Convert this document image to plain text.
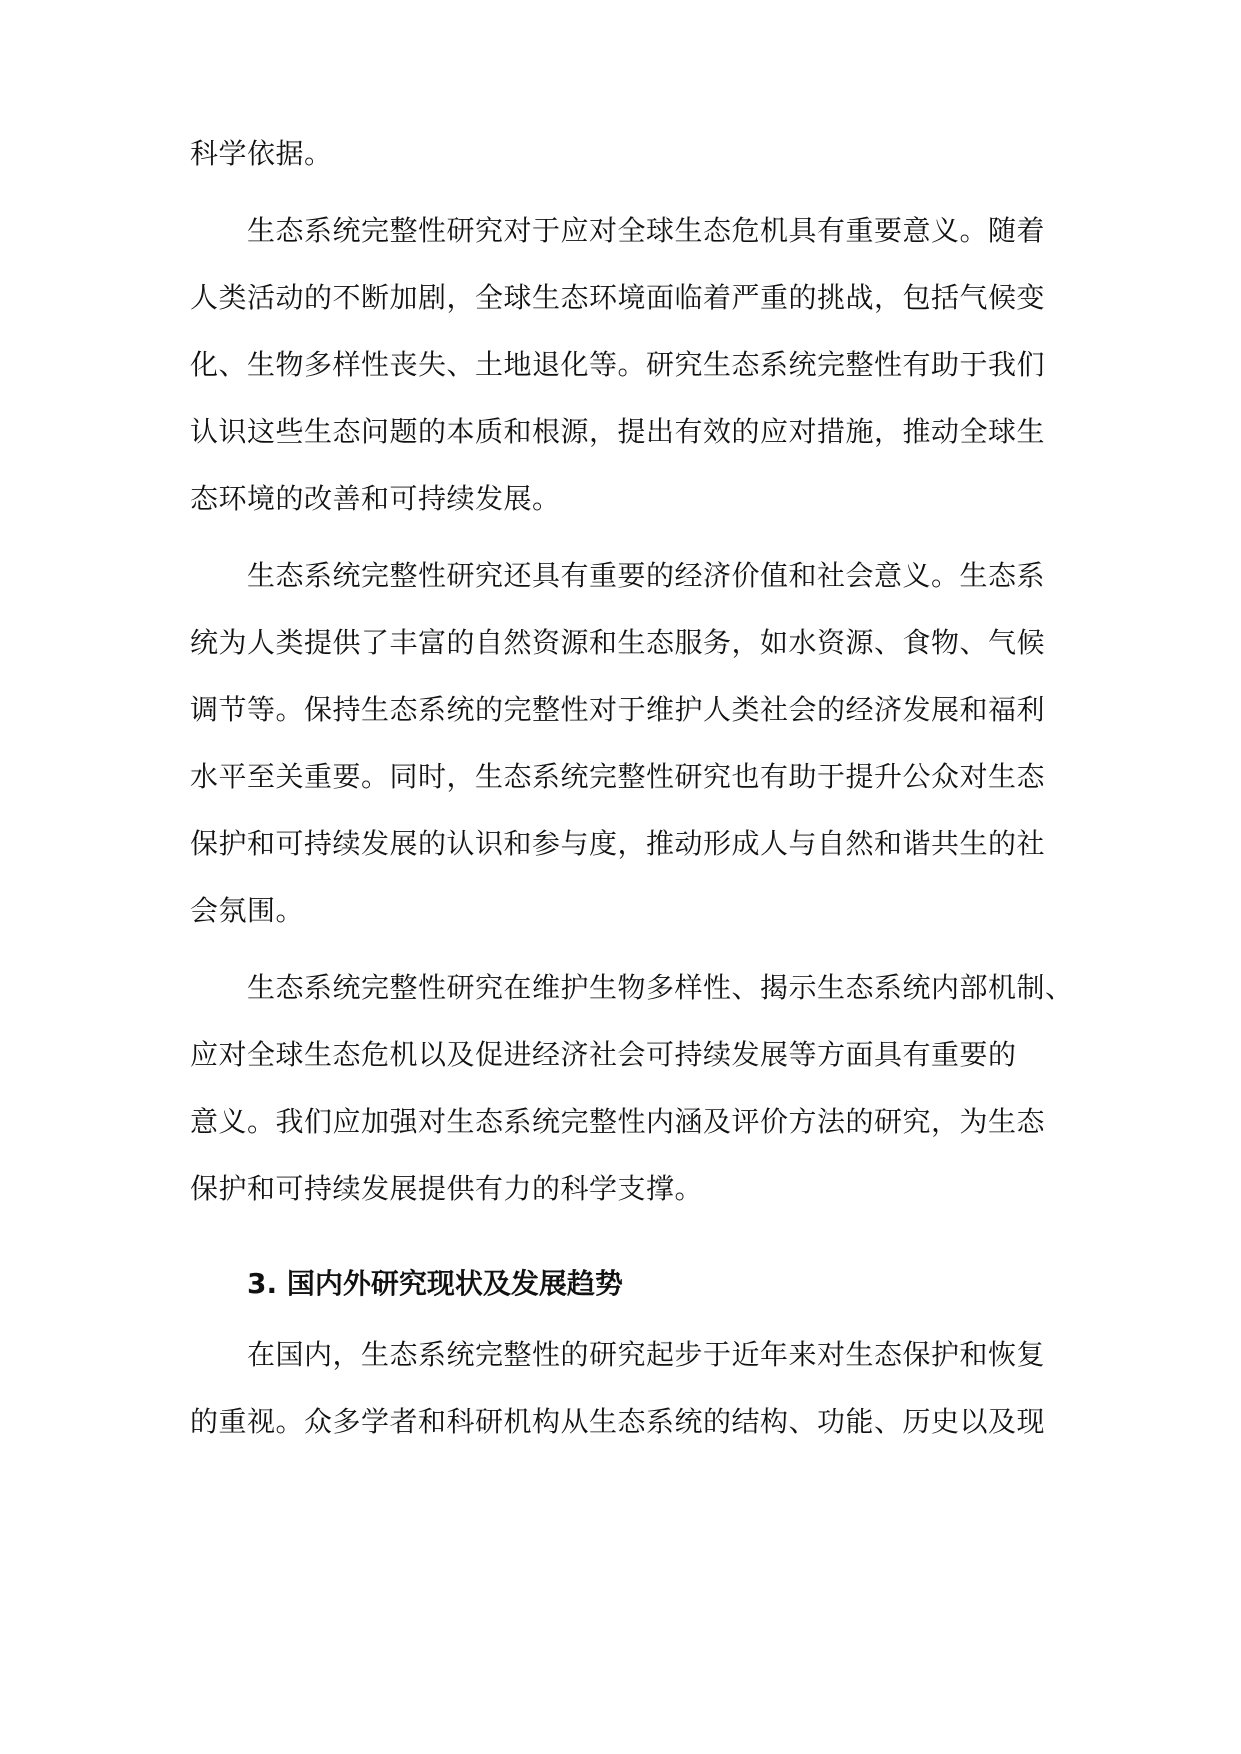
科学依据。
生态系统完整性研究对于应对全球生态危机具有重要意义。随着
人类活动的不断加剧，全球生态环境面临着严重的挑战，包括气候变
化、生物多样性丧失、土地退化等。研究生态系统完整性有助于我们
认识这些生态问题的本质和根源，提出有效的应对措施，推动全球生
态环境的改善和可持续发展。
生态系统完整性研究还具有重要的经济价值和社会意义。生态系
统为人类提供了丰富的自然资源和生态服务，如水资源、食物、气候
调节等。保持生态系统的完整性对于维护人类社会的经济发展和福利
水平至关重要。同时，生态系统完整性研究也有助于提升公众对生态
保护和可持续发展的认识和参与度，推动形成人与自然和谐共生的社
会氛围。
生态系统完整性研究在维护生物多样性、揭示生态系统内部机制、
应对全球生态危机以及促进经济社会可持续发展等方面具有重要的
意义。我们应加强对生态系统完整性内涵及评价方法的研究，为生态
保护和可持续发展提供有力的科学支撑。
3. 国内外研究现状及发展趋势
在国内，生态系统完整性的研究起步于近年来对生态保护和恢复
的重视。众多学者和科研机构从生态系统的结构、功能、历史以及现
